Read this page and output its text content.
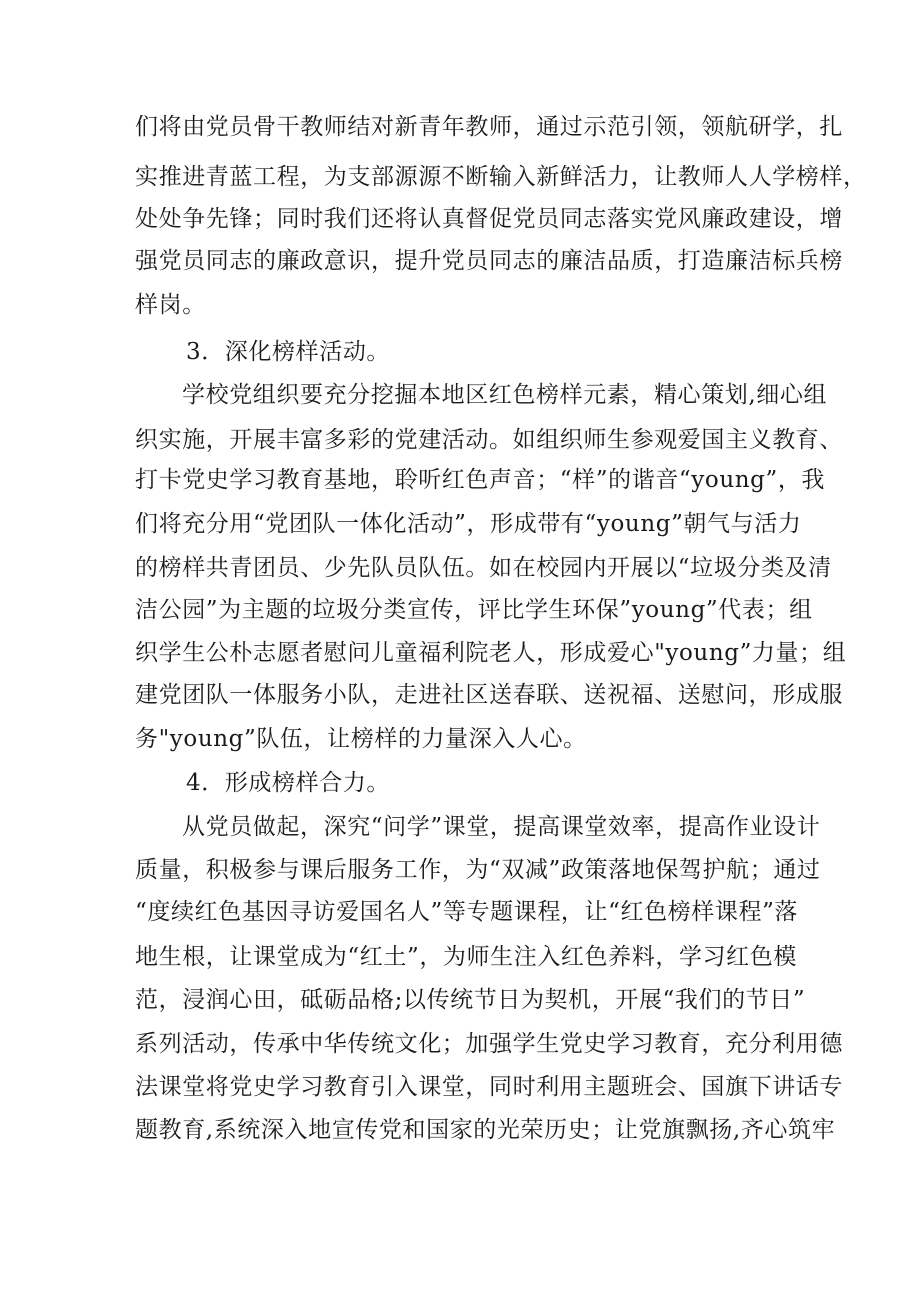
们将由党员骨干教师结对新青年教师，通过示范引领，领航研学，扎

实推进青蓝工程，为支部源源不断输入新鲜活力，让教师人人学榜样，

处处争先锋；同时我们还将认真督促党员同志落实党风廉政建设，增

强党员同志的廉政意识，提升党员同志的廉洁品质，打造廉洁标兵榜

样岗。

3．深化榜样活动。

学校党组织要充分挖掘本地区红色榜样元素，精心策划,细心组

织实施，开展丰富多彩的党建活动。如组织师生参观爱国主义教育、

打卡党史学习教育基地，聆听红色声音；“样”的谐音“young”，我

们将充分用“党团队一体化活动”，形成带有“young”朝气与活力

的榜样共青团员、少先队员队伍。如在校园内开展以“垃圾分类及清

洁公园”为主题的垃圾分类宣传，评比学生环保”young”代表；组

织学生公朴志愿者慰问儿童福利院老人，形成爱心"young”力量；组

建党团队一体服务小队，走进社区送春联、送祝福、送慰问，形成服

务"young”队伍，让榜样的力量深入人心。

4．形成榜样合力。

从党员做起，深究“问学”课堂，提高课堂效率，提高作业设计

质量，积极参与课后服务工作，为“双减”政策落地保驾护航；通过

“度续红色基因寻访爱国名人”等专题课程，让“红色榜样课程”落

地生根，让课堂成为“红土”，为师生注入红色养料，学习红色模

范，浸润心田，砥砺品格;以传统节日为契机，开展“我们的节日”

系列活动，传承中华传统文化；加强学生党史学习教育，充分利用德

法课堂将党史学习教育引入课堂，同时利用主题班会、国旗下讲话专

题教育,系统深入地宣传党和国家的光荣历史；让党旗飘扬,齐心筑牢
